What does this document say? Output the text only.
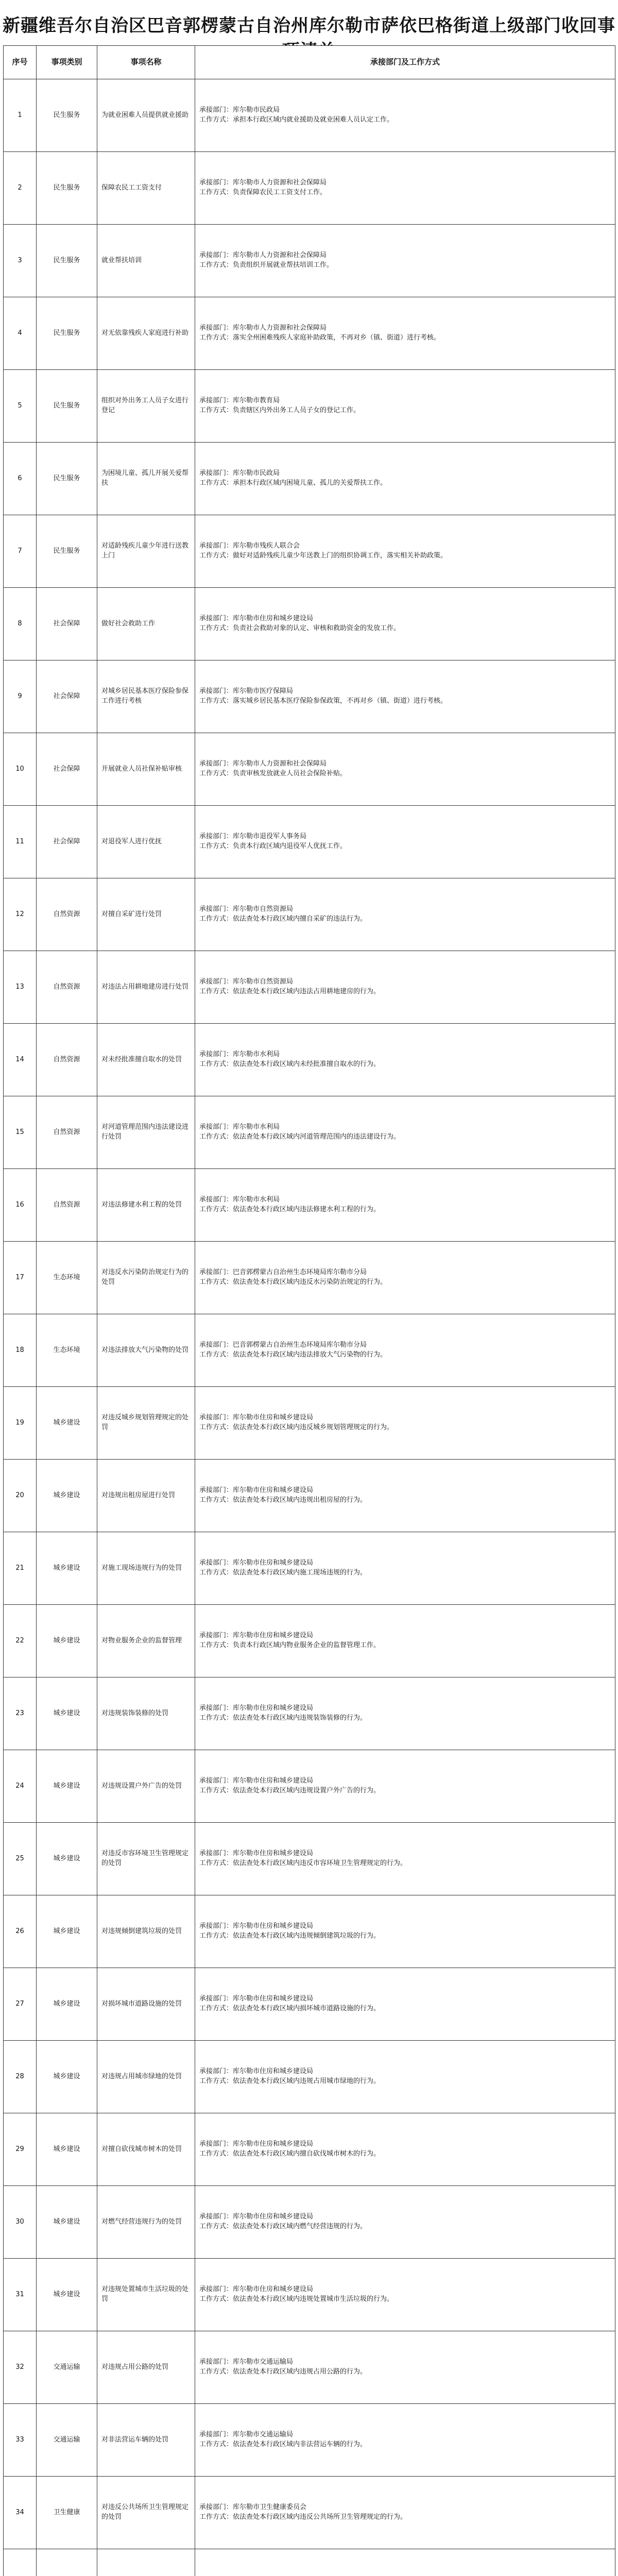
新疆维吾尔自治区巴音郭楞蒙古自治州库尔勒市萨依巴格街道上级部门收回事
序号	事项类别	事项名称	承接部门及工作方式
1	民生服务	为就业困难人员提供就业援助	承接部门：库尔勒市民政局
工作方式：承担本行政区域内就业援助及就业困难人员认定工作。

2	民生服务	保障农民工工资支付	承接部门：库尔勒市人力资源和社会保障局
工作方式：负责保障农民工工资支付工作。

3	民生服务	就业帮扶培训	承接部门：库尔勒市人力资源和社会保障局
工作方式：负责组织开展就业帮扶培训工作。

4	民生服务	对无依靠残疾人家庭进行补助	承接部门：库尔勒市人力资源和社会保障局
工作方式：落实全州困难残疾人家庭补助政策，不再对乡（镇、街道）进行考核。

5	民生服务	组织对外出务工人员子女进行登记	承接部门：库尔勒市教育局
工作方式：负责辖区内外出务工人员子女的登记工作。

6	民生服务	为困境儿童、孤儿开展关爱帮扶	承接部门：库尔勒市民政局
工作方式：承担本行政区域内困境儿童、孤儿的关爱帮扶工作。

7	民生服务	对适龄残疾儿童少年进行送教上门	承接部门：库尔勒市残疾人联合会
工作方式：做好对适龄残疾儿童少年送教上门的组织协调工作，落实相关补助政策。

8	社会保障	做好社会救助工作	承接部门：库尔勒市住房和城乡建设局
工作方式：负责社会救助对象的认定、审核和救助资金的发放工作。

9	社会保障	对城乡居民基本医疗保险参保工作进行考核	承接部门：库尔勒市医疗保障局
工作方式：落实城乡居民基本医疗保险参保政策，不再对乡（镇、街道）进行考核。

10	社会保障	开展就业人员社保补贴审核	承接部门：库尔勒市人力资源和社会保障局
工作方式：负责审核发放就业人员社会保险补贴。

11	社会保障	对退役军人进行优抚	承接部门：库尔勒市退役军人事务局
工作方式：负责本行政区域内退役军人优抚工作。

12	自然资源	对擅自采矿进行处罚	承接部门：库尔勒市自然资源局
工作方式：依法查处本行政区域内擅自采矿的违法行为。

13	自然资源	对违法占用耕地建房进行处罚	承接部门：库尔勒市自然资源局
工作方式：依法查处本行政区域内违法占用耕地建房的行为。

14	自然资源	对未经批准擅自取水的处罚	承接部门：库尔勒市水利局
工作方式：依法查处本行政区域内未经批准擅自取水的行为。

15	自然资源	对河道管理范围内违法建设进行处罚	承接部门：库尔勒市水利局
工作方式：依法查处本行政区域内河道管理范围内的违法建设行为。

16	自然资源	对违法修建水利工程的处罚	承接部门：库尔勒市水利局
工作方式：依法查处本行政区域内违法修建水利工程的行为。

17	生态环境	对违反水污染防治规定行为的处罚	承接部门：巴音郭楞蒙古自治州生态环境局库尔勒市分局
工作方式：依法查处本行政区域内违反水污染防治规定的行为。

18	生态环境	对违法排放大气污染物的处罚	承接部门：巴音郭楞蒙古自治州生态环境局库尔勒市分局
工作方式：依法查处本行政区域内违法排放大气污染物的行为。

19	城乡建设	对违反城乡规划管理规定的处罚	承接部门：库尔勒市住房和城乡建设局
工作方式：依法查处本行政区域内违反城乡规划管理规定的行为。

20	城乡建设	对违规出租房屋进行处罚	承接部门：库尔勒市住房和城乡建设局
工作方式：依法查处本行政区域内违规出租房屋的行为。

21	城乡建设	对施工现场违规行为的处罚	承接部门：库尔勒市住房和城乡建设局
工作方式：依法查处本行政区域内施工现场违规的行为。

22	城乡建设	对物业服务企业的监督管理	承接部门：库尔勒市住房和城乡建设局
工作方式：负责本行政区域内物业服务企业的监督管理工作。

23	城乡建设	对违规装饰装修的处罚	承接部门：库尔勒市住房和城乡建设局
工作方式：依法查处本行政区域内违规装饰装修的行为。

24	城乡建设	对违规设置户外广告的处罚	承接部门：库尔勒市住房和城乡建设局
工作方式：依法查处本行政区域内违规设置户外广告的行为。

25	城乡建设	对违反市容环境卫生管理规定的处罚	承接部门：库尔勒市住房和城乡建设局
工作方式：依法查处本行政区域内违反市容环境卫生管理规定的行为。

26	城乡建设	对违规倾倒建筑垃圾的处罚	承接部门：库尔勒市住房和城乡建设局
工作方式：依法查处本行政区域内违规倾倒建筑垃圾的行为。

27	城乡建设	对损坏城市道路设施的处罚	承接部门：库尔勒市住房和城乡建设局
工作方式：依法查处本行政区域内损坏城市道路设施的行为。

28	城乡建设	对违规占用城市绿地的处罚	承接部门：库尔勒市住房和城乡建设局
工作方式：依法查处本行政区域内违规占用城市绿地的行为。

29	城乡建设	对擅自砍伐城市树木的处罚	承接部门：库尔勒市住房和城乡建设局
工作方式：依法查处本行政区域内擅自砍伐城市树木的行为。

30	城乡建设	对燃气经营违规行为的处罚	承接部门：库尔勒市住房和城乡建设局
工作方式：依法查处本行政区域内燃气经营违规的行为。

31	城乡建设	对违规处置城市生活垃圾的处罚	承接部门：库尔勒市住房和城乡建设局
工作方式：依法查处本行政区域内违规处置城市生活垃圾的行为。

32	交通运输	对违规占用公路的处罚	承接部门：库尔勒市交通运输局
工作方式：依法查处本行政区域内违规占用公路的行为。

33	交通运输	对非法营运车辆的处罚	承接部门：库尔勒市交通运输局
工作方式：依法查处本行政区域内非法营运车辆的行为。

34	卫生健康	对违反公共场所卫生管理规定的处罚	承接部门：库尔勒市卫生健康委员会
工作方式：依法查处本行政区域内违反公共场所卫生管理规定的行为。
